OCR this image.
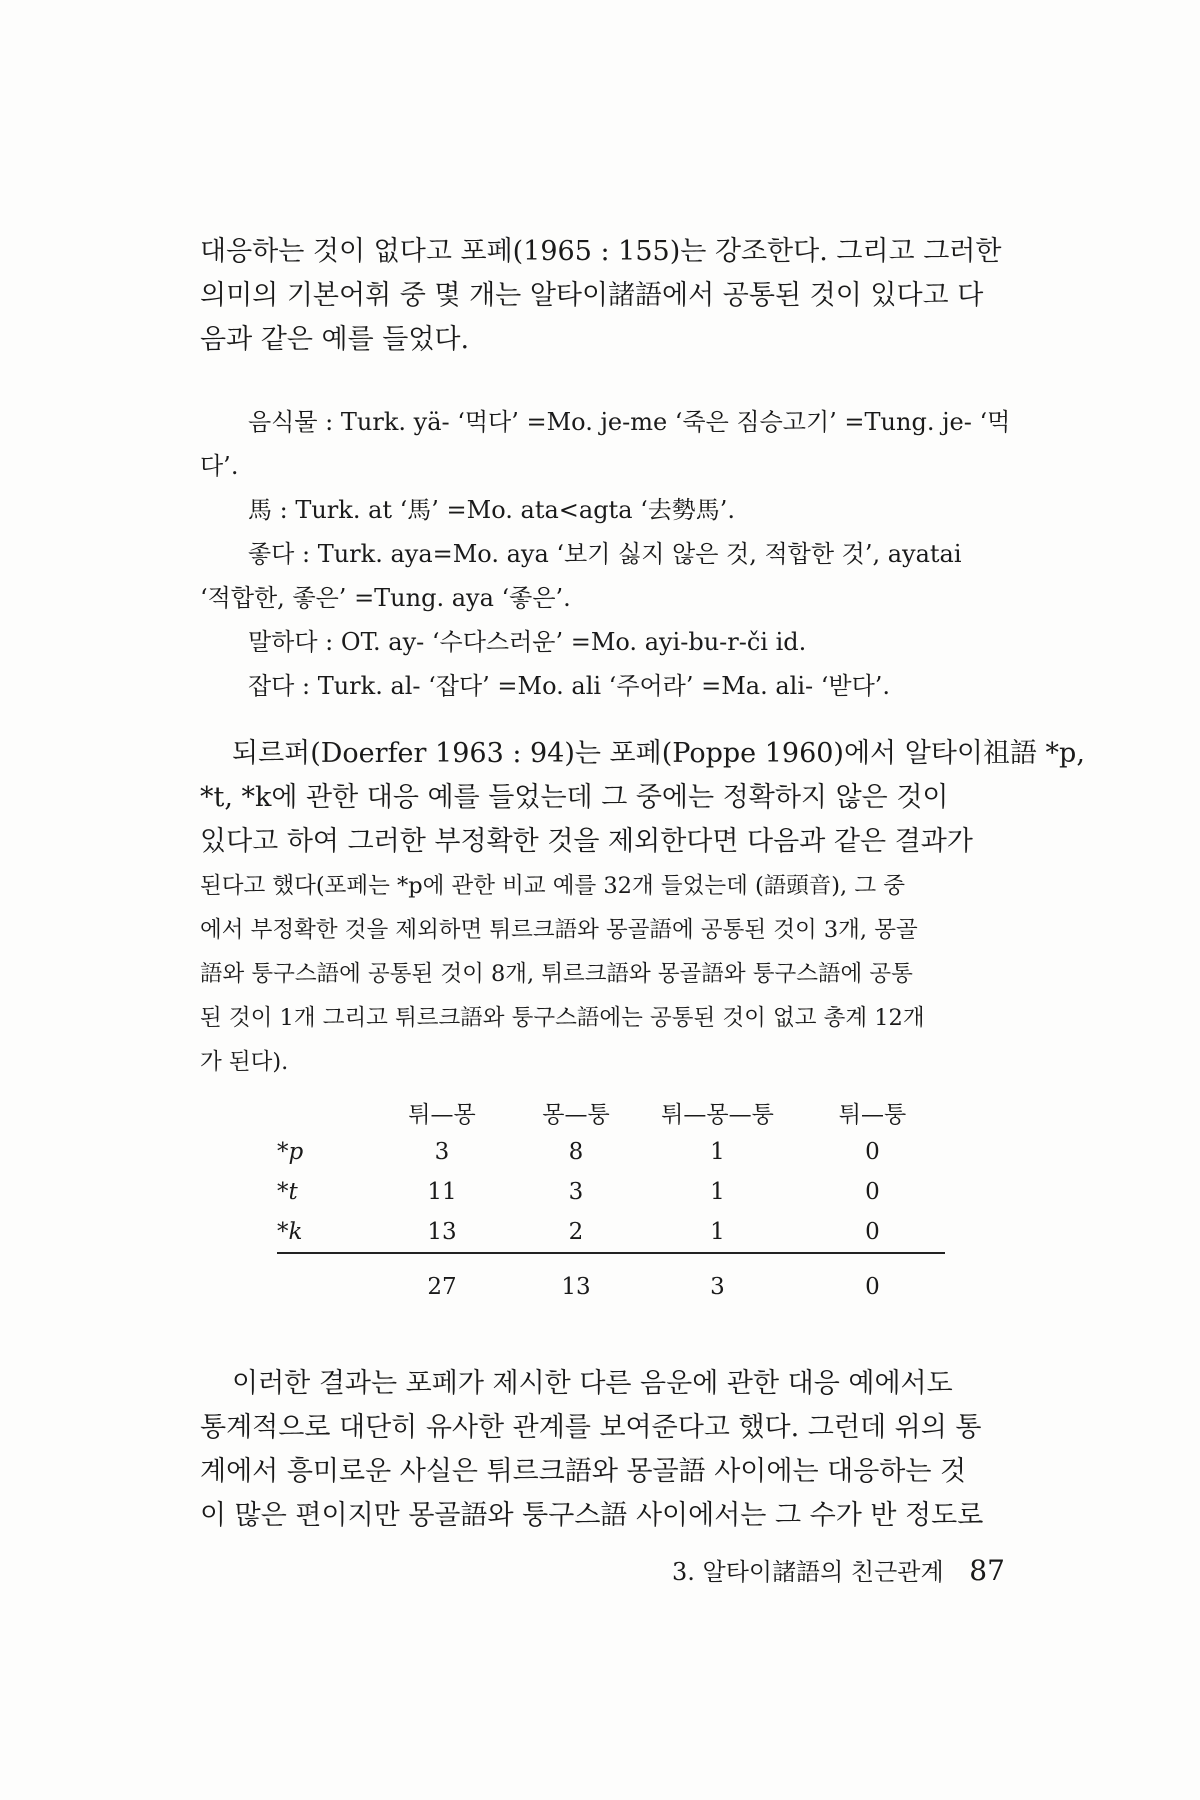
대응하는 것이 없다고 포페(1965 : 155)는 강조한다. 그리고 그러한
의미의 기본어휘 중 몇 개는 알타이諸語에서 공통된 것이 있다고 다
음과 같은 예를 들었다.
음식물 : Turk. yä- ‘먹다’ =Mo. je-me ‘죽은 짐승고기’ =Tung. je- ‘먹
다’.
馬 : Turk. at ‘馬’ =Mo. ata<agta ‘去勢馬’.
좋다 : Turk. aya=Mo. aya ‘보기 싫지 않은 것, 적합한 것’, ayatai
‘적합한, 좋은’ =Tung. aya ‘좋은’.
말하다 : OT. ay- ‘수다스러운’ =Mo. ayi-bu-r-či id.
잡다 : Turk. al- ‘잡다’ =Mo. ali ‘주어라’ =Ma. ali- ‘받다’.
되르퍼(Doerfer 1963 : 94)는 포페(Poppe 1960)에서 알타이祖語 *p,
*t, *k에 관한 대응 예를 들었는데 그 중에는 정확하지 않은 것이
있다고 하여 그러한 부정확한 것을 제외한다면 다음과 같은 결과가
된다고 했다(포페는 *p에 관한 비교 예를 32개 들었는데 (語頭音), 그 중
에서 부정확한 것을 제외하면 튀르크語와 몽골語에 공통된 것이 3개, 몽골
語와 퉁구스語에 공통된 것이 8개, 튀르크語와 몽골語와 퉁구스語에 공통
된 것이 1개 그리고 튀르크語와 퉁구스語에는 공통된 것이 없고 총계 12개
가 된다).
	튀—몽	몽—퉁	튀—몽—퉁	튀—퉁
*p	3	8	1	0
*t	11	3	1	0
*k	13	2	1	0
	27	13	3	0
이러한 결과는 포페가 제시한 다른 음운에 관한 대응 예에서도
통계적으로 대단히 유사한 관계를 보여준다고 했다. 그런데 위의 통
계에서 흥미로운 사실은 튀르크語와 몽골語 사이에는 대응하는 것
이 많은 편이지만 몽골語와 퉁구스語 사이에서는 그 수가 반 정도로
3. 알타이諸語의 친근관계 87
